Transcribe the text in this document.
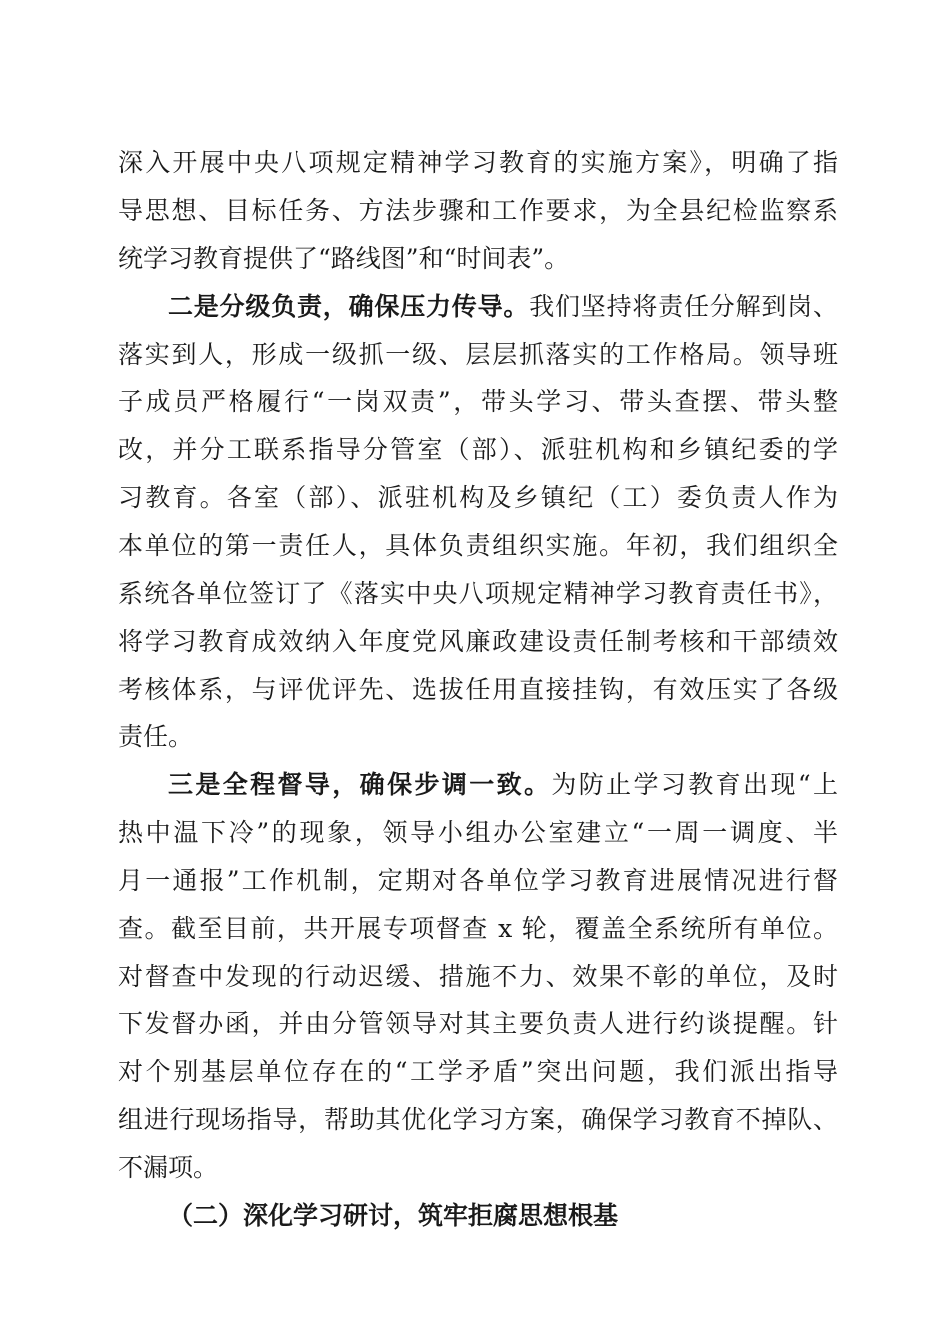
深入开展中央八项规定精神学习教育的实施方案》，明确了指
导思想、目标任务、方法步骤和工作要求，为全县纪检监察系
统学习教育提供了“路线图”和“时间表”。
二是分级负责，确保压力传导。我们坚持将责任分解到岗、
落实到人，形成一级抓一级、层层抓落实的工作格局。领导班
子成员严格履行“一岗双责”，带头学习、带头查摆、带头整
改，并分工联系指导分管室（部）、派驻机构和乡镇纪委的学
习教育。各室（部）、派驻机构及乡镇纪（工）委负责人作为
本单位的第一责任人，具体负责组织实施。年初，我们组织全
系统各单位签订了《落实中央八项规定精神学习教育责任书》，
将学习教育成效纳入年度党风廉政建设责任制考核和干部绩效
考核体系，与评优评先、选拔任用直接挂钩，有效压实了各级
责任。
三是全程督导，确保步调一致。为防止学习教育出现“上
热中温下冷”的现象，领导小组办公室建立“一周一调度、半
月一通报”工作机制，定期对各单位学习教育进展情况进行督
查。截至目前，共开展专项督查 x 轮，覆盖全系统所有单位。
对督查中发现的行动迟缓、措施不力、效果不彰的单位，及时
下发督办函，并由分管领导对其主要负责人进行约谈提醒。针
对个别基层单位存在的“工学矛盾”突出问题，我们派出指导
组进行现场指导，帮助其优化学习方案，确保学习教育不掉队、
不漏项。
（二）深化学习研讨，筑牢拒腐思想根基
